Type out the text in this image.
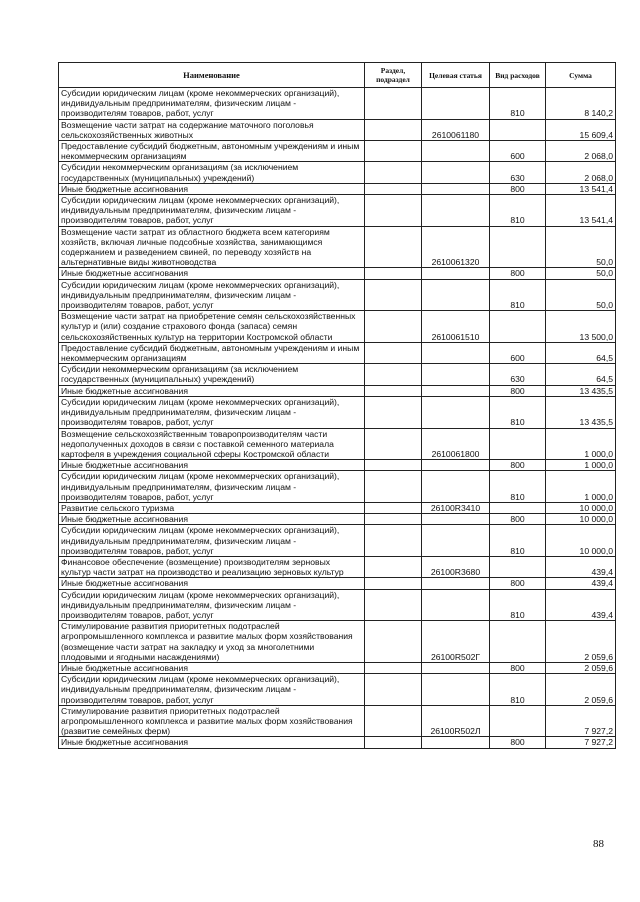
Наименование	Раздел, подраздел	Целевая статья	Вид расходов	Сумма
Субсидии юридическим лицам (кроме некоммерческих организаций), индивидуальным предпринимателям, физическим лицам - производителям товаров, работ, услуг			810	8 140,2
Возмещение части затрат на содержание маточного поголовья сельскохозяйственных животных		2610061180		15 609,4
Предоставление субсидий бюджетным, автономным учреждениям и иным некоммерческим организациям			600	2 068,0
Субсидии некоммерческим организациям (за исключением государственных (муниципальных) учреждений)			630	2 068,0
Иные бюджетные ассигнования			800	13 541,4
Субсидии юридическим лицам (кроме некоммерческих организаций), индивидуальным предпринимателям, физическим лицам - производителям товаров, работ, услуг			810	13 541,4
Возмещение части затрат из областного бюджета всем категориям хозяйств, включая личные подсобные хозяйства, занимающимся содержанием и разведением свиней, по переводу хозяйств на альтернативные виды животноводства		2610061320		50,0
Иные бюджетные ассигнования			800	50,0
Субсидии юридическим лицам (кроме некоммерческих организаций), индивидуальным предпринимателям, физическим лицам - производителям товаров, работ, услуг			810	50,0
Возмещение части затрат на приобретение семян сельскохозяйственных культур и (или) создание страхового фонда (запаса) семян сельскохозяйственных культур на территории Костромской области		2610061510		13 500,0
Предоставление субсидий бюджетным, автономным учреждениям и иным некоммерческим организациям			600	64,5
Субсидии некоммерческим организациям (за исключением государственных (муниципальных) учреждений)			630	64,5
Иные бюджетные ассигнования			800	13 435,5
Субсидии юридическим лицам (кроме некоммерческих организаций), индивидуальным предпринимателям, физическим лицам - производителям товаров, работ, услуг			810	13 435,5
Возмещение сельскохозяйственным товаропроизводителям части недополученных доходов в связи с поставкой семенного материала картофеля в учреждения социальной сферы Костромской области		2610061800		1 000,0
Иные бюджетные ассигнования			800	1 000,0
Субсидии юридическим лицам (кроме некоммерческих организаций), индивидуальным предпринимателям, физическим лицам - производителям товаров, работ, услуг			810	1 000,0
Развитие сельского туризма		26100R3410		10 000,0
Иные бюджетные ассигнования			800	10 000,0
Субсидии юридическим лицам (кроме некоммерческих организаций), индивидуальным предпринимателям, физическим лицам - производителям товаров, работ, услуг			810	10 000,0
Финансовое обеспечение (возмещение) производителям зерновых культур части затрат на производство и реализацию зерновых культур		26100R3680		439,4
Иные бюджетные ассигнования			800	439,4
Субсидии юридическим лицам (кроме некоммерческих организаций), индивидуальным предпринимателям, физическим лицам - производителям товаров, работ, услуг			810	439,4
Стимулирование развития приоритетных подотраслей агропромышленного комплекса и развитие малых форм хозяйствования (возмещение части затрат на закладку и уход за многолетними плодовыми и ягодными насаждениями)		26100R502Г		2 059,6
Иные бюджетные ассигнования			800	2 059,6
Субсидии юридическим лицам (кроме некоммерческих организаций), индивидуальным предпринимателям, физическим лицам - производителям товаров, работ, услуг			810	2 059,6
Стимулирование развития приоритетных подотраслей агропромышленного комплекса и развитие малых форм хозяйствования (развитие семейных ферм)		26100R502Л		7 927,2
Иные бюджетные ассигнования			800	7 927,2
88
